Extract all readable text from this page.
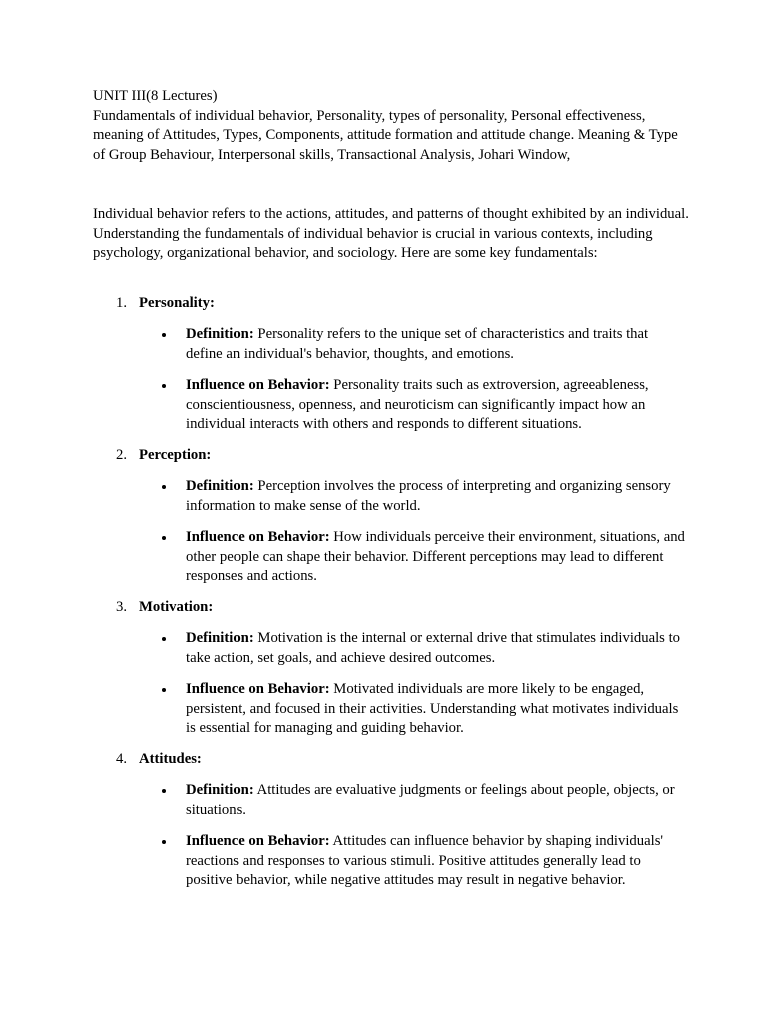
UNIT III(8 Lectures)

Fundamentals of individual behavior, Personality, types of personality, Personal effectiveness, meaning of Attitudes, Types, Components, attitude formation and attitude change. Meaning & Type of Group Behaviour, Interpersonal skills, Transactional Analysis, Johari Window,

Individual behavior refers to the actions, attitudes, and patterns of thought exhibited by an individual. Understanding the fundamentals of individual behavior is crucial in various contexts, including psychology, organizational behavior, and sociology. Here are some key fundamentals:

1. Personality:

Definition: Personality refers to the unique set of characteristics and traits that define an individual's behavior, thoughts, and emotions.

Influence on Behavior: Personality traits such as extroversion, agreeableness, conscientiousness, openness, and neuroticism can significantly impact how an individual interacts with others and responds to different situations.

2. Perception:

Definition: Perception involves the process of interpreting and organizing sensory information to make sense of the world.

Influence on Behavior: How individuals perceive their environment, situations, and other people can shape their behavior. Different perceptions may lead to different responses and actions.

3. Motivation:

Definition: Motivation is the internal or external drive that stimulates individuals to take action, set goals, and achieve desired outcomes.

Influence on Behavior: Motivated individuals are more likely to be engaged, persistent, and focused in their activities. Understanding what motivates individuals is essential for managing and guiding behavior.

4. Attitudes:

Definition: Attitudes are evaluative judgments or feelings about people, objects, or situations.

Influence on Behavior: Attitudes can influence behavior by shaping individuals' reactions and responses to various stimuli. Positive attitudes generally lead to positive behavior, while negative attitudes may result in negative behavior.
